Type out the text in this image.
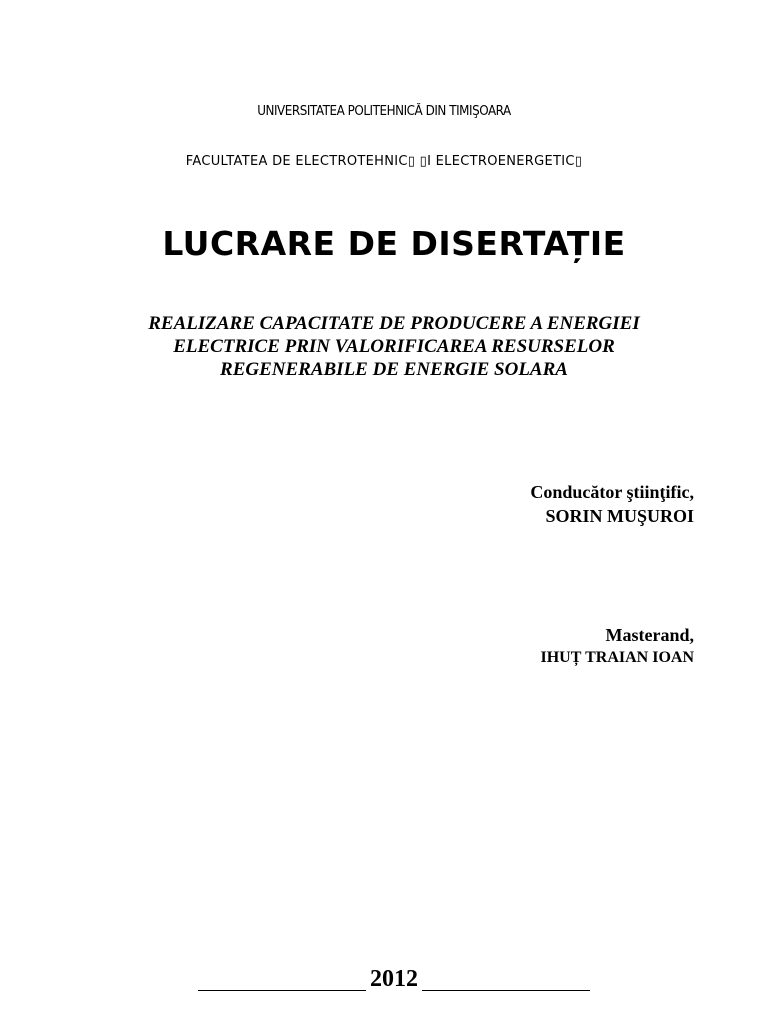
UNIVERSITATEA POLITEHNICĂ DIN TIMIŞOARA
FACULTATEA DE ELECTROTEHNIC▯ ▯I ELECTROENERGETIC▯
LUCRARE DE DISERTAȚIE
REALIZARE CAPACITATE DE PRODUCERE A ENERGIEI
ELECTRICE PRIN VALORIFICAREA RESURSELOR
REGENERABILE DE ENERGIE SOLARA
Conducător ştiinţific,
SORIN MUŞUROI
Masterand,
IHUȚ TRAIAN IOAN
2012
